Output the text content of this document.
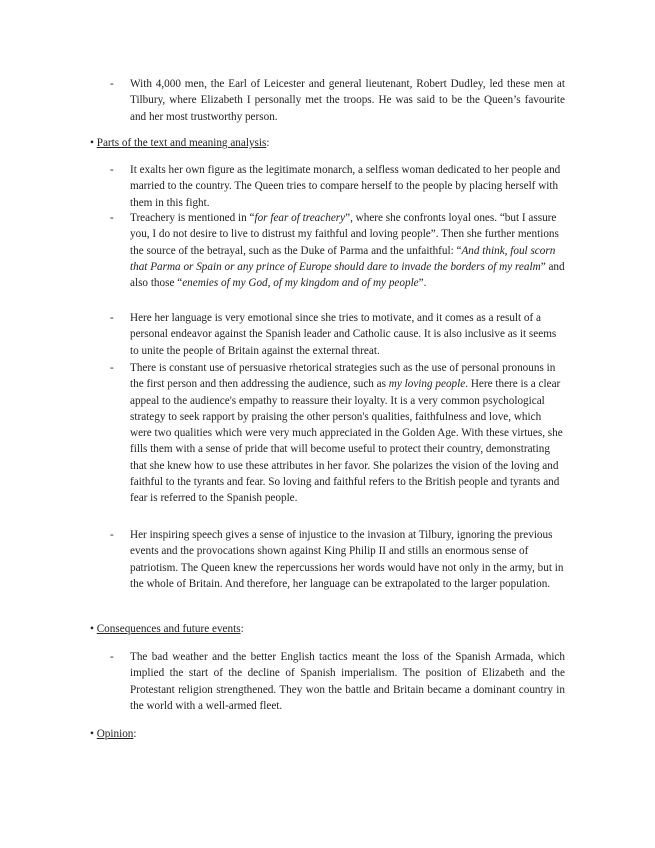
- With 4,000 men, the Earl of Leicester and general lieutenant, Robert Dudley, led these men at Tilbury, where Elizabeth I personally met the troops. He was said to be the Queen’s favourite and her most trustworthy person.
• Parts of the text and meaning analysis:
- It exalts her own figure as the legitimate monarch, a selfless woman dedicated to her people and married to the country. The Queen tries to compare herself to the people by placing herself with them in this fight.
- Treachery is mentioned in “for fear of treachery”, where she confronts loyal ones. “but I assure you, I do not desire to live to distrust my faithful and loving people”. Then she further mentions the source of the betrayal, such as the Duke of Parma and the unfaithful: “And think, foul scorn that Parma or Spain or any prince of Europe should dare to invade the borders of my realm” and also those “enemies of my God, of my kingdom and of my people”.
- Here her language is very emotional since she tries to motivate, and it comes as a result of a personal endeavor against the Spanish leader and Catholic cause. It is also inclusive as it seems to unite the people of Britain against the external threat.
- There is constant use of persuasive rhetorical strategies such as the use of personal pronouns in the first person and then addressing the audience, such as my loving people. Here there is a clear appeal to the audience's empathy to reassure their loyalty. It is a very common psychological strategy to seek rapport by praising the other person's qualities, faithfulness and love, which were two qualities which were very much appreciated in the Golden Age. With these virtues, she fills them with a sense of pride that will become useful to protect their country, demonstrating that she knew how to use these attributes in her favor. She polarizes the vision of the loving and faithful to the tyrants and fear. So loving and faithful refers to the British people and tyrants and fear is referred to the Spanish people.
- Her inspiring speech gives a sense of injustice to the invasion at Tilbury, ignoring the previous events and the provocations shown against King Philip II and stills an enormous sense of patriotism. The Queen knew the repercussions her words would have not only in the army, but in the whole of Britain. And therefore, her language can be extrapolated to the larger population.
• Consequences and future events:
- The bad weather and the better English tactics meant the loss of the Spanish Armada, which implied the start of the decline of Spanish imperialism. The position of Elizabeth and the Protestant religion strengthened. They won the battle and Britain became a dominant country in the world with a well-armed fleet.
• Opinion:
